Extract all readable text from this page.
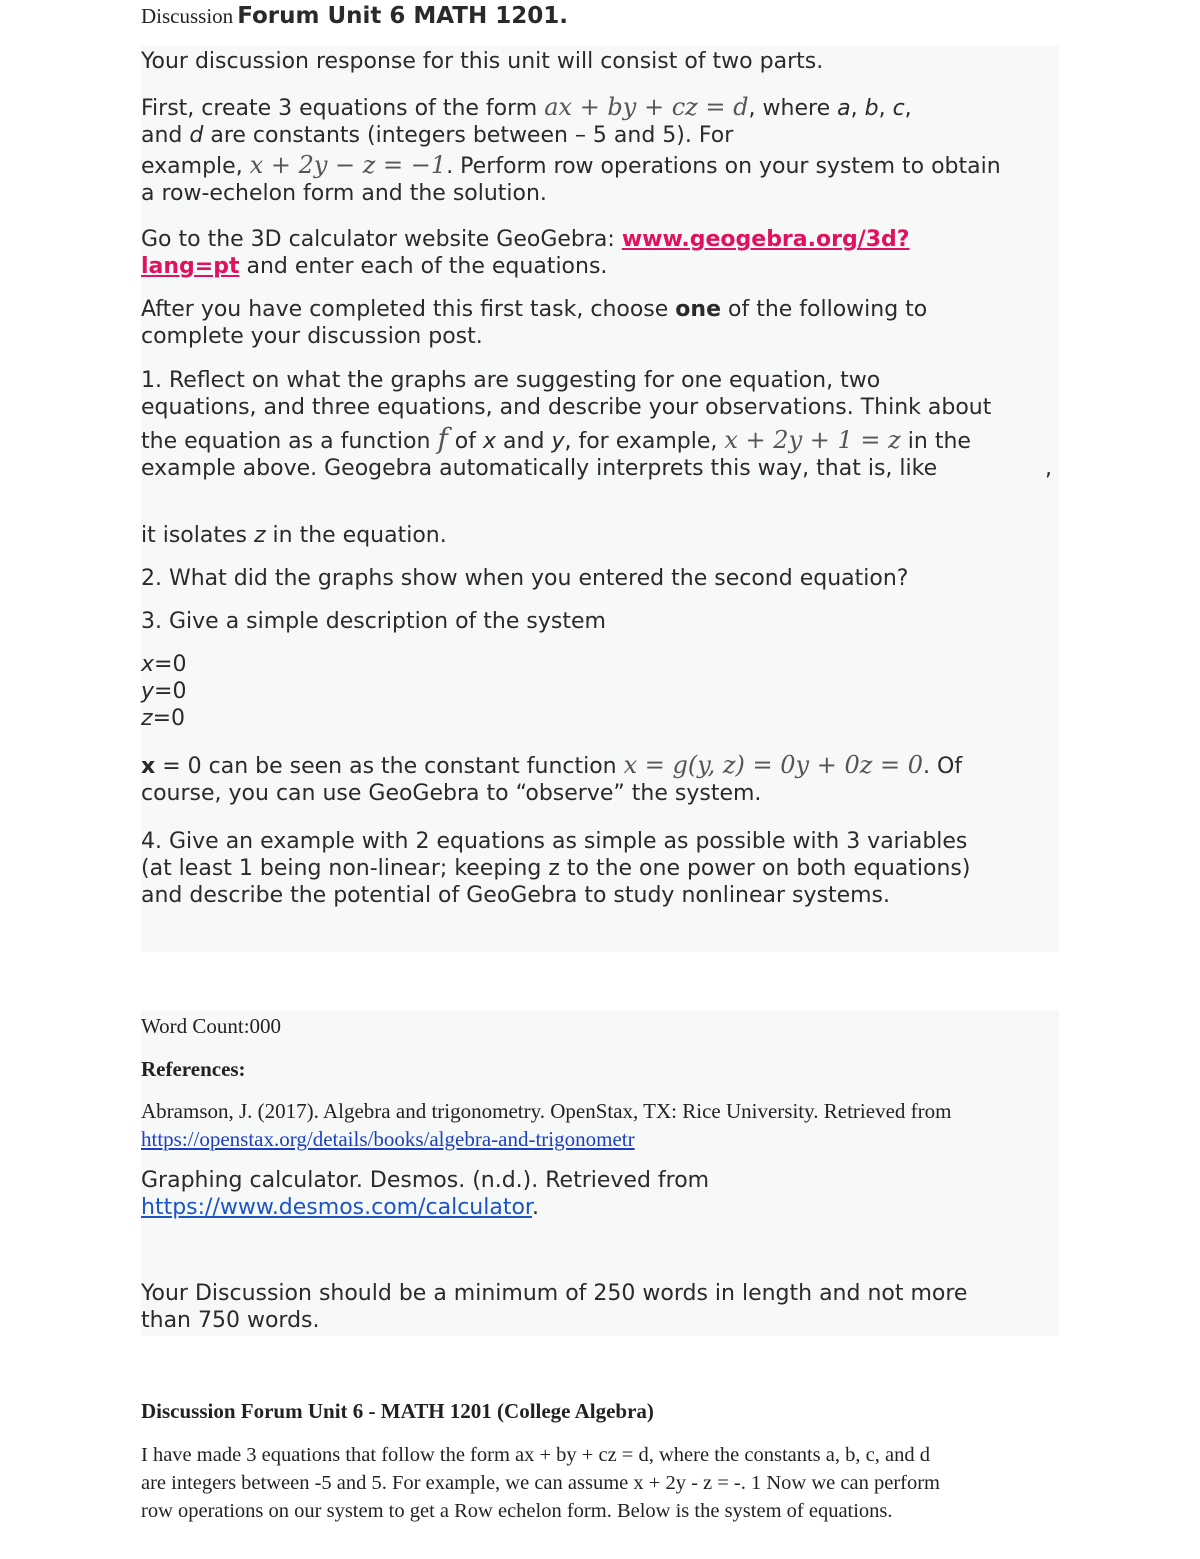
Discussion Forum Unit 6 MATH 1201.
Your discussion response for this unit will consist of two parts.
First, create 3 equations of the form ax + by + cz = d, where a, b, c,
and d are constants (integers between – 5 and 5). For
example, x + 2y − z = −1. Perform row operations on your system to obtain
a row-echelon form and the solution.
Go to the 3D calculator website GeoGebra: www.geogebra.org/3d?
lang=pt and enter each of the equations.
After you have completed this first task, choose one of the following to
complete your discussion post.
1. Reflect on what the graphs are suggesting for one equation, two
equations, and three equations, and describe your observations. Think about
the equation as a function f of x and y, for example, x + 2y + 1 = z in the
example above. Geogebra automatically interprets this way, that is, like	,
it isolates z in the equation.
2. What did the graphs show when you entered the second equation?
3. Give a simple description of the system
x=0
y=0
z=0
x = 0 can be seen as the constant function x = g(y, z) = 0y + 0z = 0. Of
course, you can use GeoGebra to “observe” the system.
4. Give an example with 2 equations as simple as possible with 3 variables
(at least 1 being non-linear; keeping z to the one power on both equations)
and describe the potential of GeoGebra to study nonlinear systems.
Word Count:000
References:
Abramson, J. (2017). Algebra and trigonometry. OpenStax, TX: Rice University. Retrieved from
https://openstax.org/details/books/algebra-and-trigonometr
Graphing calculator. Desmos. (n.d.). Retrieved from
https://www.desmos.com/calculator.
Your Discussion should be a minimum of 250 words in length and not more
than 750 words.
Discussion Forum Unit 6 - MATH 1201 (College Algebra)
I have made 3 equations that follow the form ax + by + cz = d, where the constants a, b, c, and d
are integers between -5 and 5. For example, we can assume x + 2y - z = -. 1 Now we can perform
row operations on our system to get a Row echelon form. Below is the system of equations.
